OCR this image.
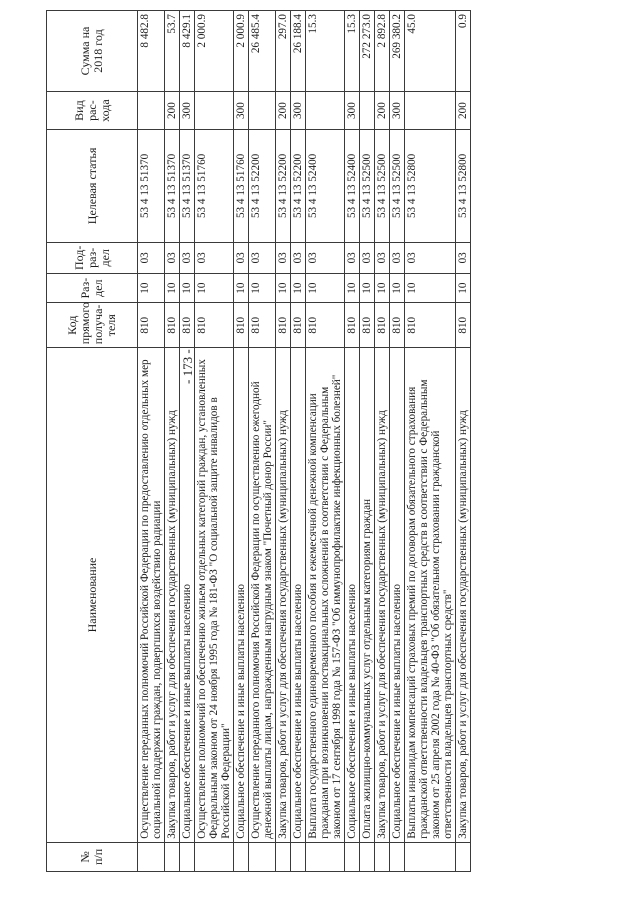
- 173 -
№ п/п	Наименование	Код прямого получа-теля	Раз-дел	Под-раз-дел	Целевая статья	Вид рас-хода	Сумма на 2018 год
	Осуществление переданных полномочий Российской Федерации по предоставлению отдельных мер социальной поддержки граждан, подвергшихся воздействию радиации	810	10	03	53 4 13 51370		8 482.8
	Закупка товаров, работ и услуг для обеспечения государственных (муниципальных) нужд	810	10	03	53 4 13 51370	200	53.7
	Социальное обеспечение и иные выплаты населению	810	10	03	53 4 13 51370	300	8 429.1
	Осуществление полномочий по обеспечению жильем отдельных категорий граждан, установленных Федеральным законом от 24 ноября 1995 года № 181-ФЗ "О социальной защите инвалидов в Российской Федерации"	810	10	03	53 4 13 51760		2 000.9
	Социальное обеспечение и иные выплаты населению	810	10	03	53 4 13 51760	300	2 000.9
	Осуществление переданного полномочия Российской Федерации по осуществлению ежегодной денежной выплаты лицам, награжденным нагрудным знаком "Почетный донор России"	810	10	03	53 4 13 52200		26 485.4
	Закупка товаров, работ и услуг для обеспечения государственных (муниципальных) нужд	810	10	03	53 4 13 52200	200	297.0
	Социальное обеспечение и иные выплаты населению	810	10	03	53 4 13 52200	300	26 188.4
	Выплата государственного единовременного пособия и ежемесячной денежной компенсации гражданам при возникновении поствакцинальных осложнений в соответствии с Федеральным законом от 17 сентября 1998 года № 157-ФЗ "Об иммунопрофилактике инфекционных болезней"	810	10	03	53 4 13 52400		15.3
	Социальное обеспечение и иные выплаты населению	810	10	03	53 4 13 52400	300	15.3
	Оплата жилищно-коммунальных услуг отдельным категориям граждан	810	10	03	53 4 13 52500		272 273.0
	Закупка товаров, работ и услуг для обеспечения государственных (муниципальных) нужд	810	10	03	53 4 13 52500	200	2 892.8
	Социальное обеспечение и иные выплаты населению	810	10	03	53 4 13 52500	300	269 380.2
	Выплаты инвалидам компенсаций страховых премий по договорам обязательного страхования гражданской ответственности владельцев транспортных средств в соответствии с Федеральным законом от 25 апреля 2002 года № 40-ФЗ "Об обязательном страховании гражданской ответственности владельцев транспортных средств"	810	10	03	53 4 13 52800		45.0
	Закупка товаров, работ и услуг для обеспечения государственных (муниципальных) нужд	810	10	03	53 4 13 52800	200	0.9
